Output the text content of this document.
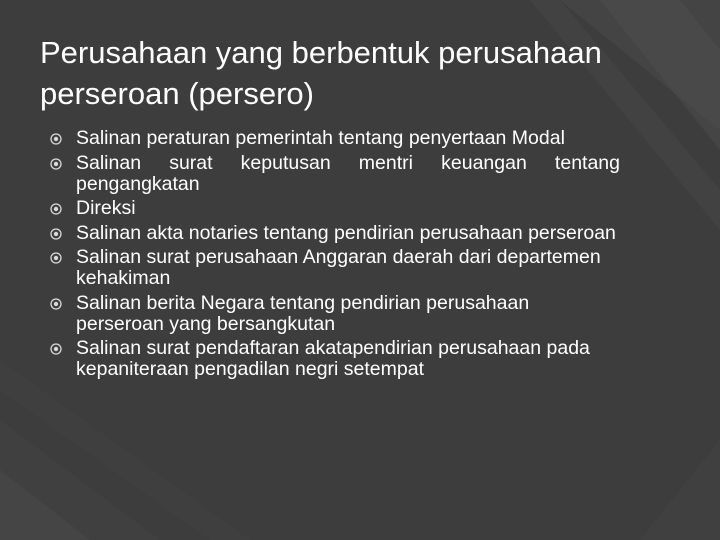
Perusahaan yang berbentuk perusahaan perseroan (persero)
Salinan peraturan pemerintah tentang penyertaan Modal
Salinan surat keputusan mentri keuangan tentang pengangkatan
Direksi
Salinan akta notaries tentang pendirian perusahaan perseroan
Salinan surat perusahaan Anggaran daerah dari departemen kehakiman
Salinan berita Negara tentang pendirian perusahaan perseroan yang bersangkutan
Salinan surat pendaftaran akatapendirian perusahaan pada kepaniteraan pengadilan negri setempat
